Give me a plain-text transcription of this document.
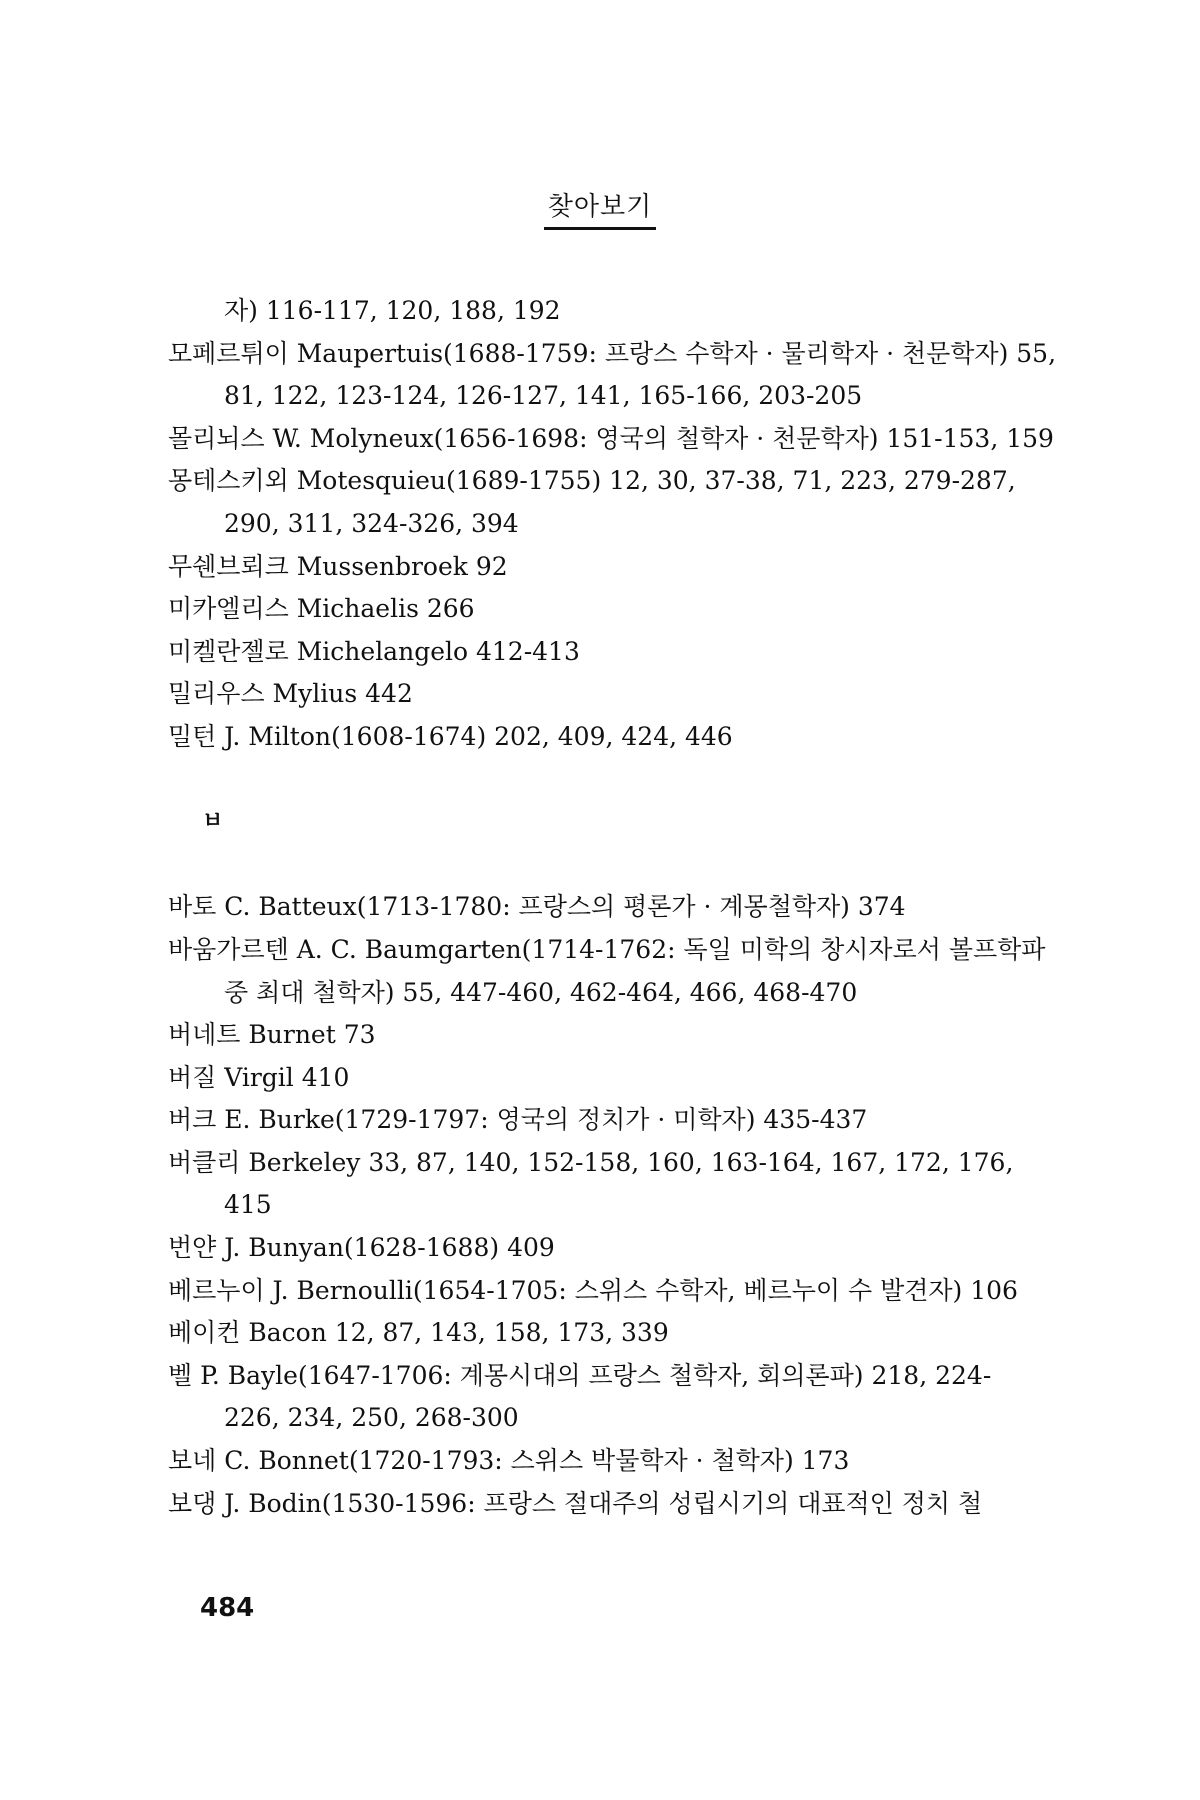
찾아보기
자) 116-117, 120, 188, 192
모페르튀이 Maupertuis(1688-1759: 프랑스 수학자 · 물리학자 · 천문학자) 55,
81, 122, 123-124, 126-127, 141, 165-166, 203-205
몰리뇌스 W. Molyneux(1656-1698: 영국의 철학자 · 천문학자) 151-153, 159
몽테스키외 Motesquieu(1689-1755) 12, 30, 37-38, 71, 223, 279-287,
290, 311, 324-326, 394
무쉔브뢰크 Mussenbroek 92
미카엘리스 Michaelis 266
미켈란젤로 Michelangelo 412-413
밀리우스 Mylius 442
밀턴 J. Milton(1608-1674) 202, 409, 424, 446
ㅂ
바토 C. Batteux(1713-1780: 프랑스의 평론가 · 계몽철학자) 374
바움가르텐 A. C. Baumgarten(1714-1762: 독일 미학의 창시자로서 볼프학파
중 최대 철학자) 55, 447-460, 462-464, 466, 468-470
버네트 Burnet 73
버질 Virgil 410
버크 E. Burke(1729-1797: 영국의 정치가 · 미학자) 435-437
버클리 Berkeley 33, 87, 140, 152-158, 160, 163-164, 167, 172, 176,
415
번얀 J. Bunyan(1628-1688) 409
베르누이 J. Bernoulli(1654-1705: 스위스 수학자, 베르누이 수 발견자) 106
베이컨 Bacon 12, 87, 143, 158, 173, 339
벨 P. Bayle(1647-1706: 계몽시대의 프랑스 철학자, 회의론파) 218, 224-
226, 234, 250, 268-300
보네 C. Bonnet(1720-1793: 스위스 박물학자 · 철학자) 173
보댕 J. Bodin(1530-1596: 프랑스 절대주의 성립시기의 대표적인 정치 철
484
